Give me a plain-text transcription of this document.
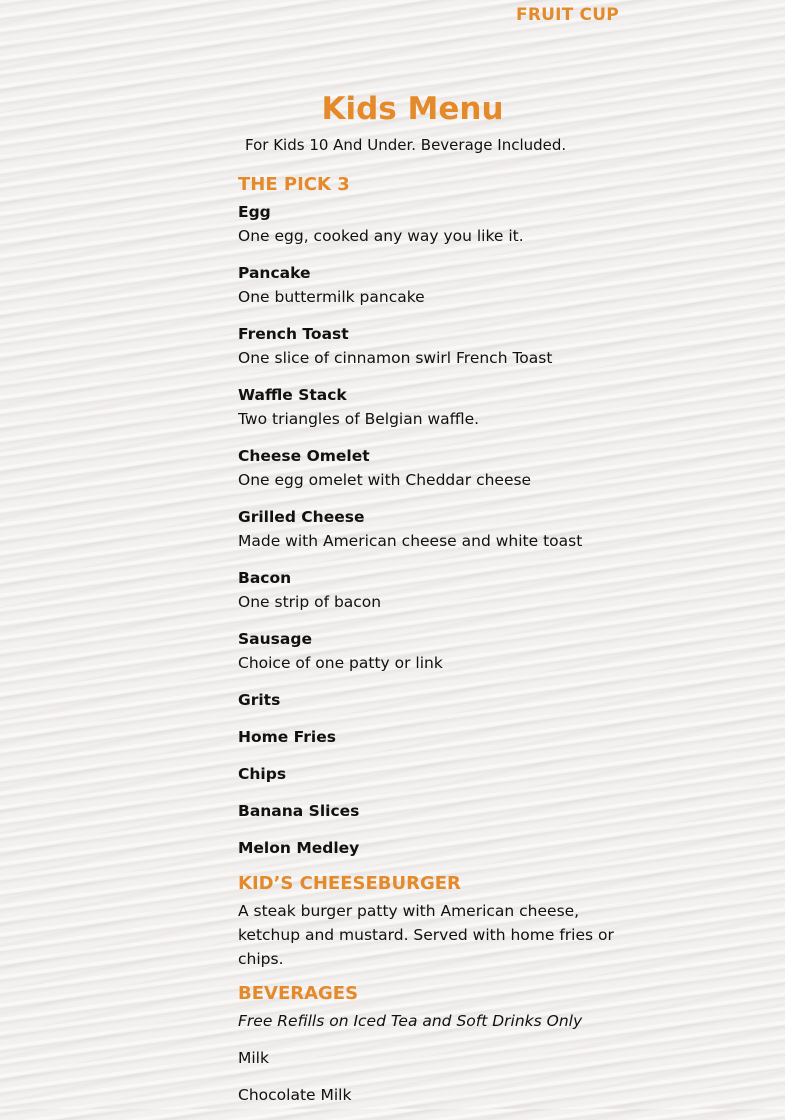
FRUIT CUP
Kids Menu
For Kids 10 And Under. Beverage Included.
THE PICK 3
Egg
One egg, cooked any way you like it.
Pancake
One buttermilk pancake
French Toast
One slice of cinnamon swirl French Toast
Waffle Stack
Two triangles of Belgian waffle.
Cheese Omelet
One egg omelet with Cheddar cheese
Grilled Cheese
Made with American cheese and white toast
Bacon
One strip of bacon
Sausage
Choice of one patty or link
Grits
Home Fries
Chips
Banana Slices
Melon Medley
KID’S CHEESEBURGER
A steak burger patty with American cheese, ketchup and mustard. Served with home fries or chips.
BEVERAGES
Free Refills on Iced Tea and Soft Drinks Only
Milk
Chocolate Milk
